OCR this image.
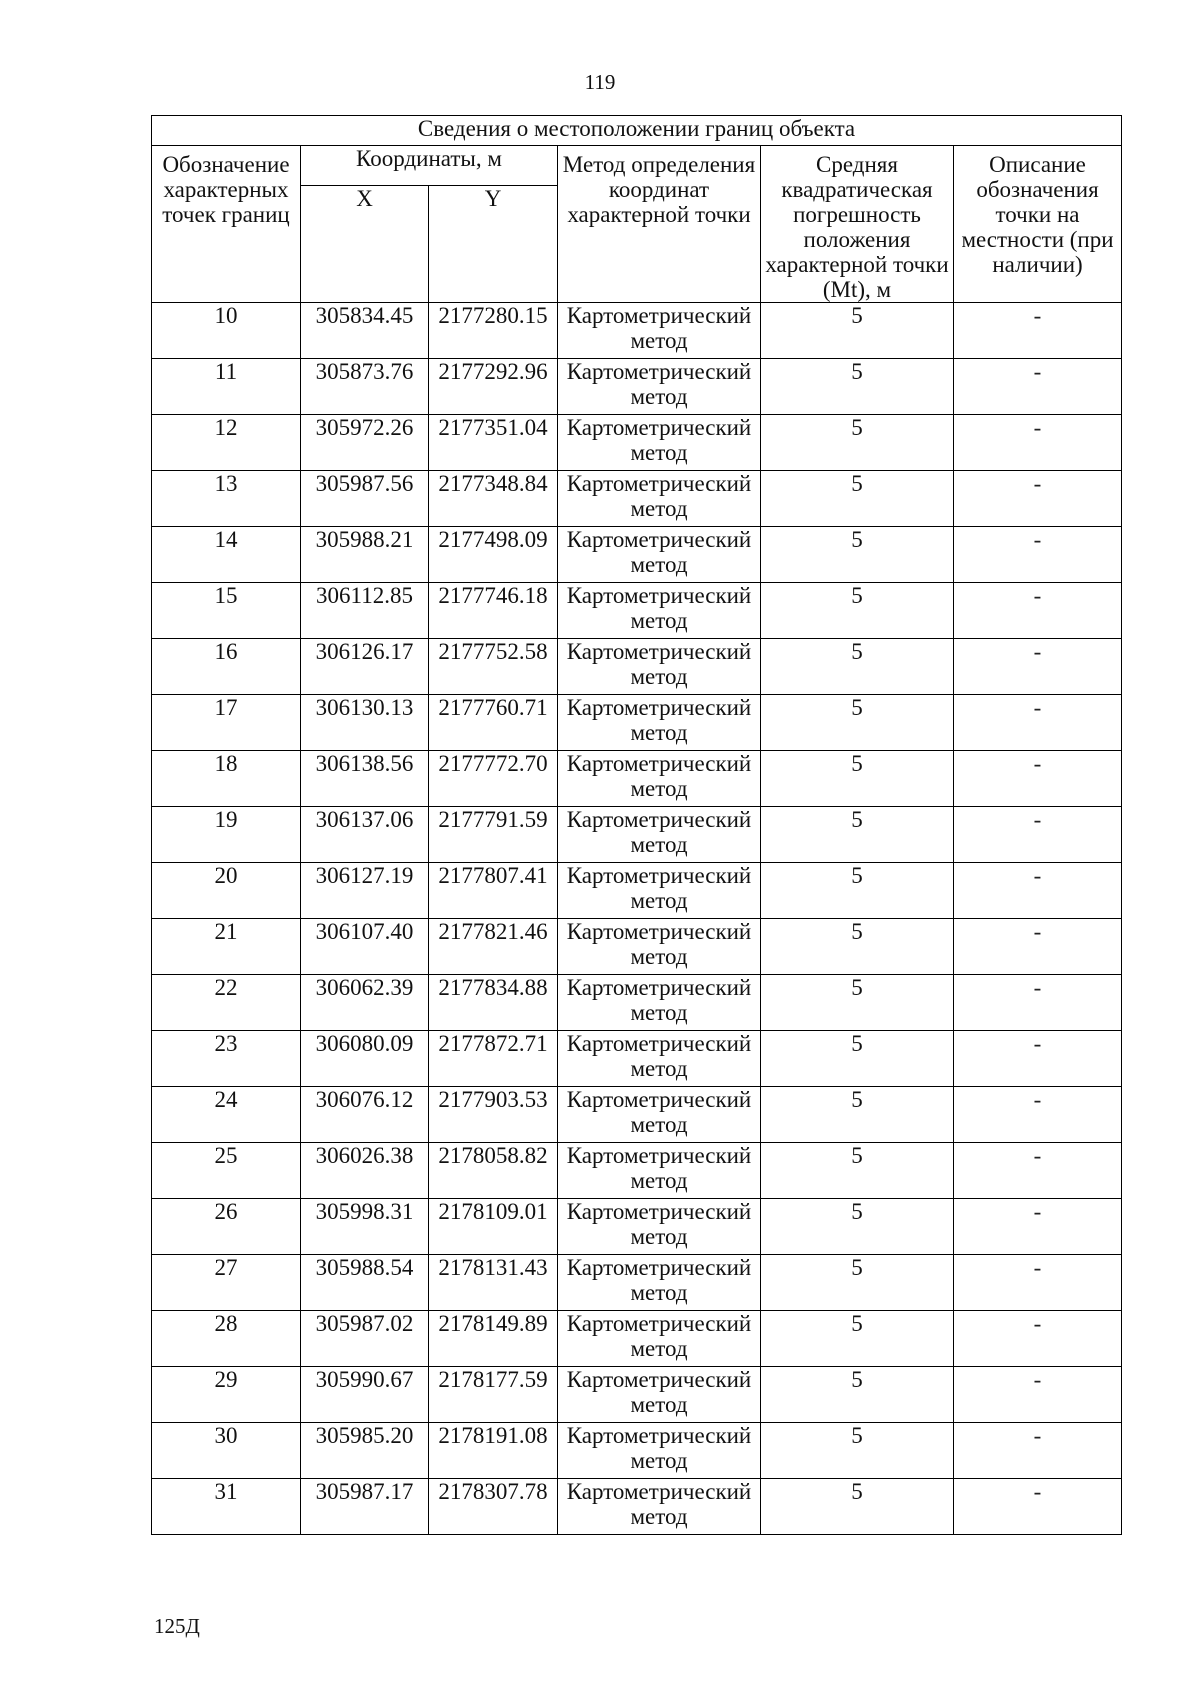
119
Сведения о местоположении границ объекта					
Обозначение характерных точек границ	Координаты, м		Метод определения координат характерной точки	Средняя квадратическая погрешность положения характерной точки (Mt), м	Описание обозначения точки на местности (при наличии)
	X	Y			
10	305834.45	2177280.15	Картометрический метод	5	-
11	305873.76	2177292.96	Картометрический метод	5	-
12	305972.26	2177351.04	Картометрический метод	5	-
13	305987.56	2177348.84	Картометрический метод	5	-
14	305988.21	2177498.09	Картометрический метод	5	-
15	306112.85	2177746.18	Картометрический метод	5	-
16	306126.17	2177752.58	Картометрический метод	5	-
17	306130.13	2177760.71	Картометрический метод	5	-
18	306138.56	2177772.70	Картометрический метод	5	-
19	306137.06	2177791.59	Картометрический метод	5	-
20	306127.19	2177807.41	Картометрический метод	5	-
21	306107.40	2177821.46	Картометрический метод	5	-
22	306062.39	2177834.88	Картометрический метод	5	-
23	306080.09	2177872.71	Картометрический метод	5	-
24	306076.12	2177903.53	Картометрический метод	5	-
25	306026.38	2178058.82	Картометрический метод	5	-
26	305998.31	2178109.01	Картометрический метод	5	-
27	305988.54	2178131.43	Картометрический метод	5	-
28	305987.02	2178149.89	Картометрический метод	5	-
29	305990.67	2178177.59	Картометрический метод	5	-
30	305985.20	2178191.08	Картометрический метод	5	-
31	305987.17	2178307.78	Картометрический метод	5	-
125Д
